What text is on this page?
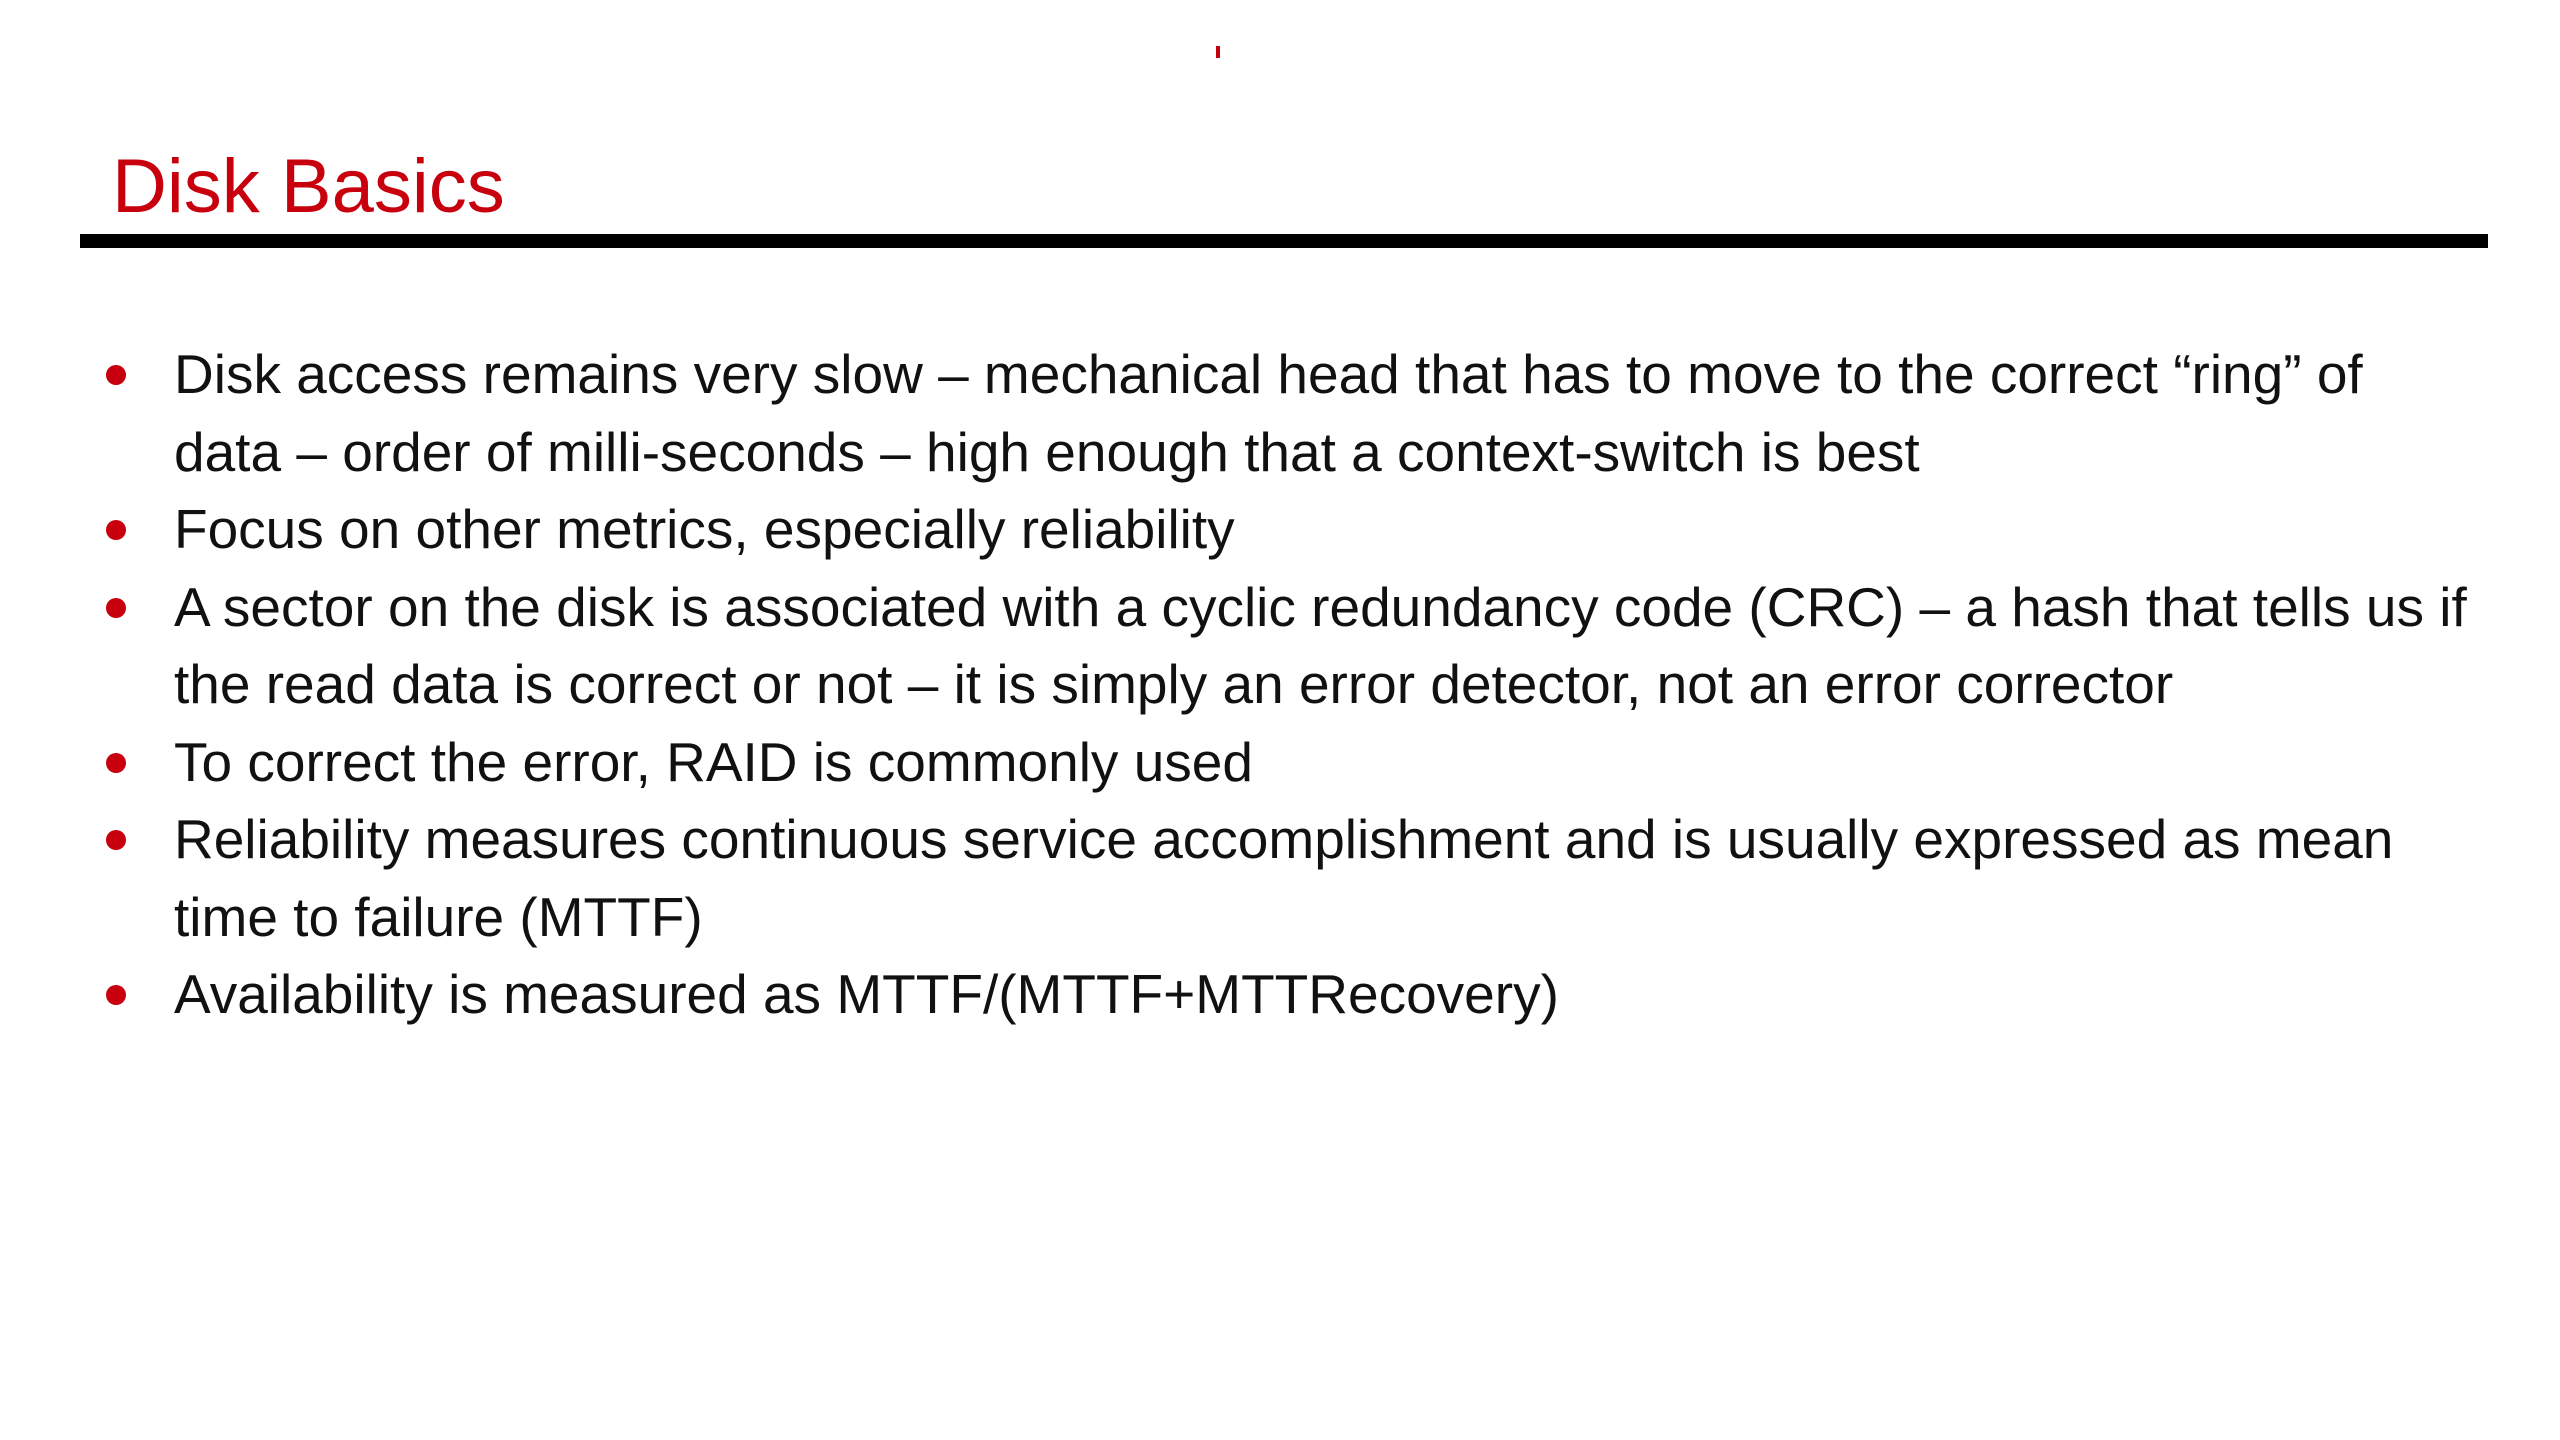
Disk Basics
Disk access remains very slow – mechanical head that has to move to the correct “ring” of data – order of milli-seconds – high enough that a context-switch is best
Focus on other metrics, especially reliability
A sector on the disk is associated with a cyclic redundancy code (CRC) – a hash that tells us if the read data is correct or not – it is simply an error detector, not an error corrector
To correct the error, RAID is commonly used
Reliability measures continuous service accomplishment and is usually expressed as mean time to failure (MTTF)
Availability is measured as MTTF/(MTTF+MTTRecovery)
